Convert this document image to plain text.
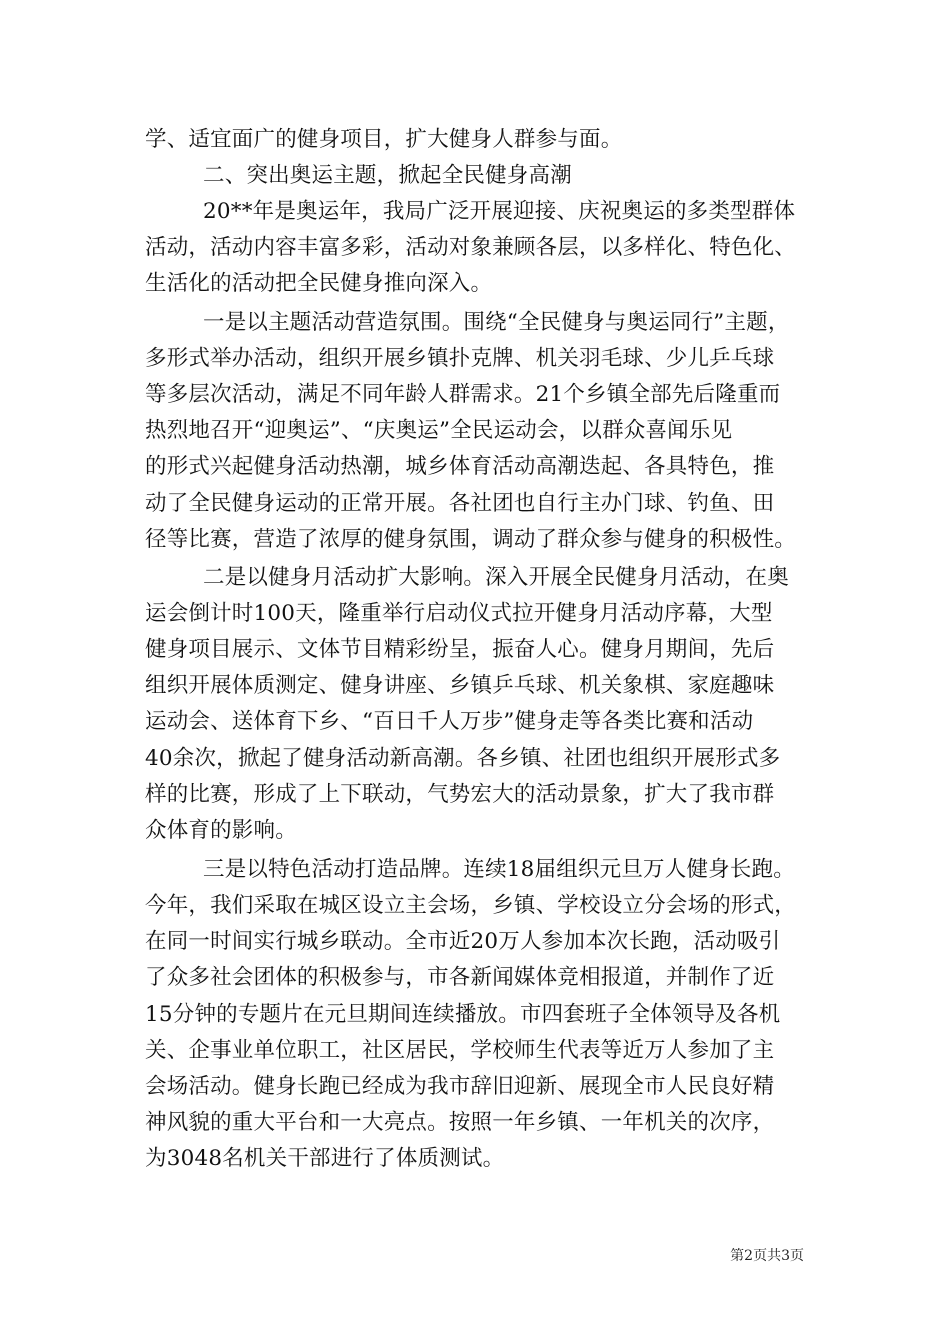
学、适宜面广的健身项目，扩大健身人群参与面。
二、突出奥运主题，掀起全民健身高潮
20**年是奥运年，我局广泛开展迎接、庆祝奥运的多类型群体
活动，活动内容丰富多彩，活动对象兼顾各层，以多样化、特色化、
生活化的活动把全民健身推向深入。
一是以主题活动营造氛围。围绕“全民健身与奥运同行”主题，
多形式举办活动，组织开展乡镇扑克牌、机关羽毛球、少儿乒乓球
等多层次活动，满足不同年龄人群需求。21个乡镇全部先后隆重而
热烈地召开“迎奥运”、“庆奥运”全民运动会，以群众喜闻乐见
的形式兴起健身活动热潮，城乡体育活动高潮迭起、各具特色，推
动了全民健身运动的正常开展。各社团也自行主办门球、钓鱼、田
径等比赛，营造了浓厚的健身氛围，调动了群众参与健身的积极性。
二是以健身月活动扩大影响。深入开展全民健身月活动，在奥
运会倒计时100天，隆重举行启动仪式拉开健身月活动序幕，大型
健身项目展示、文体节目精彩纷呈，振奋人心。健身月期间，先后
组织开展体质测定、健身讲座、乡镇乒乓球、机关象棋、家庭趣味
运动会、送体育下乡、“百日千人万步”健身走等各类比赛和活动
40余次，掀起了健身活动新高潮。各乡镇、社团也组织开展形式多
样的比赛，形成了上下联动，气势宏大的活动景象，扩大了我市群
众体育的影响。
三是以特色活动打造品牌。连续18届组织元旦万人健身长跑。
今年，我们采取在城区设立主会场，乡镇、学校设立分会场的形式，
在同一时间实行城乡联动。全市近20万人参加本次长跑，活动吸引
了众多社会团体的积极参与，市各新闻媒体竞相报道，并制作了近
15分钟的专题片在元旦期间连续播放。市四套班子全体领导及各机
关、企事业单位职工，社区居民，学校师生代表等近万人参加了主
会场活动。健身长跑已经成为我市辞旧迎新、展现全市人民良好精
神风貌的重大平台和一大亮点。按照一年乡镇、一年机关的次序，
为3048名机关干部进行了体质测试。
第2页共3页
